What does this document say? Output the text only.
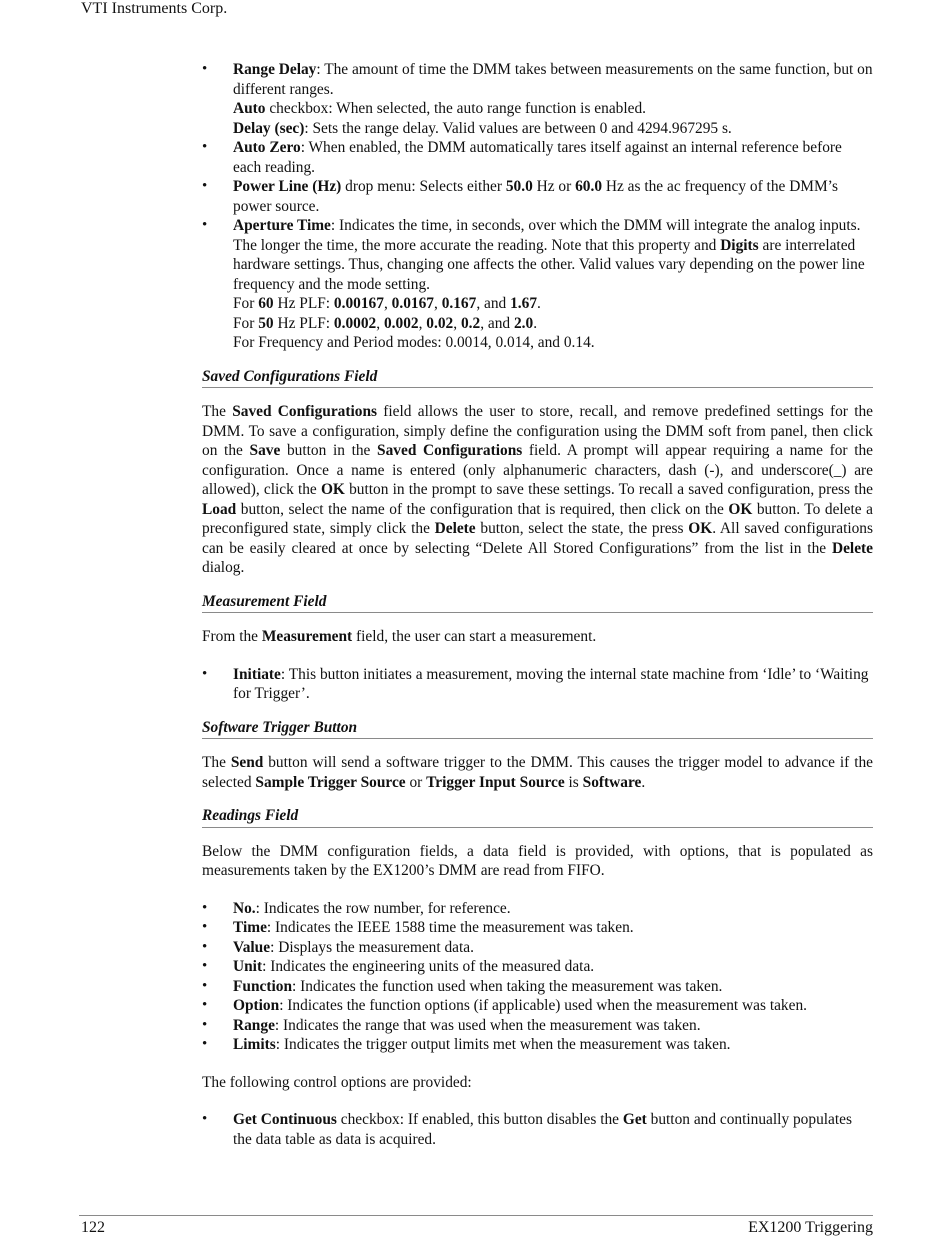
VTI Instruments Corp.
• Range Delay: The amount of time the DMM takes between measurements on the same function, but on different ranges.
Auto checkbox: When selected, the auto range function is enabled.
Delay (sec): Sets the range delay. Valid values are between 0 and 4294.967295 s.
• Auto Zero: When enabled, the DMM automatically tares itself against an internal reference before each reading.
• Power Line (Hz) drop menu: Selects either 50.0 Hz or 60.0 Hz as the ac frequency of the DMM’s power source.
• Aperture Time: Indicates the time, in seconds, over which the DMM will integrate the analog inputs. The longer the time, the more accurate the reading. Note that this property and Digits are interrelated hardware settings. Thus, changing one affects the other. Valid values vary depending on the power line frequency and the mode setting.
For 60 Hz PLF: 0.00167, 0.0167, 0.167, and 1.67.
For 50 Hz PLF: 0.0002, 0.002, 0.02, 0.2, and 2.0.
For Frequency and Period modes: 0.0014, 0.014, and 0.14.
Saved Configurations Field

The Saved Configurations field allows the user to store, recall, and remove predefined settings for the DMM. To save a configuration, simply define the configuration using the DMM soft from panel, then click on the Save button in the Saved Configurations field. A prompt will appear requiring a name for the configuration. Once a name is entered (only alphanumeric characters, dash (-), and underscore(_) are allowed), click the OK button in the prompt to save these settings. To recall a saved configuration, press the Load button, select the name of the configuration that is required, then click on the OK button. To delete a preconfigured state, simply click the Delete button, select the state, the press OK. All saved configurations can be easily cleared at once by selecting “Delete All Stored Configurations” from the list in the Delete dialog.

Measurement Field

From the Measurement field, the user can start a measurement.

• Initiate: This button initiates a measurement, moving the internal state machine from ‘Idle’ to ‘Waiting for Trigger’.
Software Trigger Button

The Send button will send a software trigger to the DMM. This causes the trigger model to advance if the selected Sample Trigger Source or Trigger Input Source is Software.

Readings Field

Below the DMM configuration fields, a data field is provided, with options, that is populated as measurements taken by the EX1200’s DMM are read from FIFO.

• No.: Indicates the row number, for reference.
• Time: Indicates the IEEE 1588 time the measurement was taken.
• Value: Displays the measurement data.
• Unit: Indicates the engineering units of the measured data.
• Function: Indicates the function used when taking the measurement was taken.
• Option: Indicates the function options (if applicable) used when the measurement was taken.
• Range: Indicates the range that was used when the measurement was taken.
• Limits: Indicates the trigger output limits met when the measurement was taken.

The following control options are provided:

• Get Continuous checkbox: If enabled, this button disables the Get button and continually populates the data table as data is acquired.
122	EX1200 Triggering
